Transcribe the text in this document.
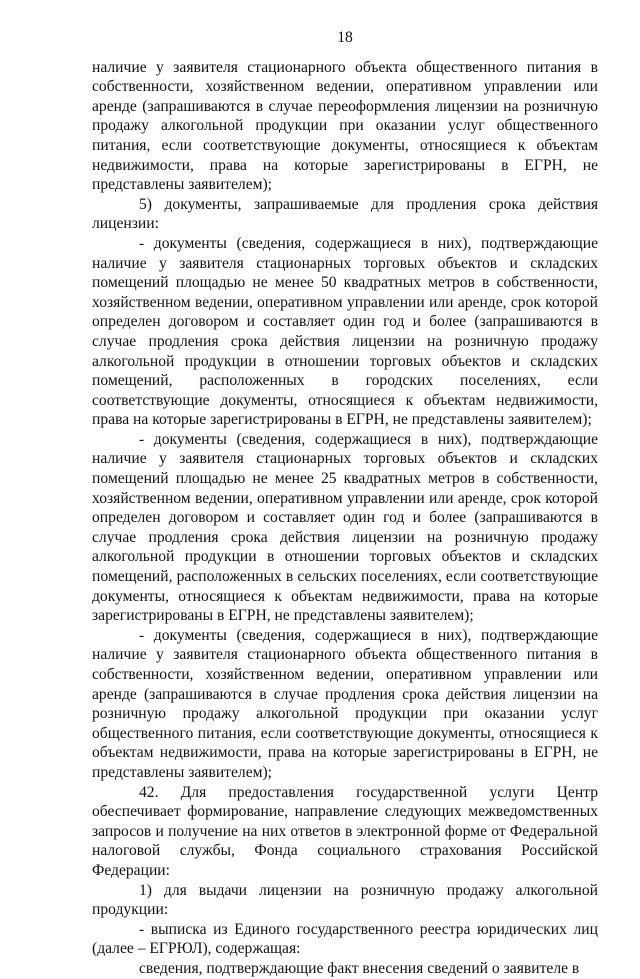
18

наличие у заявителя стационарного объекта общественного питания в собственности, хозяйственном ведении, оперативном управлении или аренде (запрашиваются в случае переоформления лицензии на розничную продажу алкогольной продукции при оказании услуг общественного питания, если соответствующие документы, относящиеся к объектам недвижимости, права на которые зарегистрированы в ЕГРН, не представлены заявителем);

5) документы, запрашиваемые для продления срока действия лицензии:

- документы (сведения, содержащиеся в них), подтверждающие наличие у заявителя стационарных торговых объектов и складских помещений площадью не менее 50 квадратных метров в собственности, хозяйственном ведении, оперативном управлении или аренде, срок которой определен договором и составляет один год и более (запрашиваются в случае продления срока действия лицензии на розничную продажу алкогольной продукции в отношении торговых объектов и складских помещений, расположенных в городских поселениях, если соответствующие документы, относящиеся к объектам недвижимости, права на которые зарегистрированы в ЕГРН, не представлены заявителем);

- документы (сведения, содержащиеся в них), подтверждающие наличие у заявителя стационарных торговых объектов и складских помещений площадью не менее 25 квадратных метров в собственности, хозяйственном ведении, оперативном управлении или аренде, срок которой определен договором и составляет один год и более (запрашиваются в случае продления срока действия лицензии на розничную продажу алкогольной продукции в отношении торговых объектов и складских помещений, расположенных в сельских поселениях, если соответствующие документы, относящиеся к объектам недвижимости, права на которые зарегистрированы в ЕГРН, не представлены заявителем);

- документы (сведения, содержащиеся в них), подтверждающие наличие у заявителя стационарного объекта общественного питания в собственности, хозяйственном ведении, оперативном управлении или аренде (запрашиваются в случае продления срока действия лицензии на розничную продажу алкогольной продукции при оказании услуг общественного питания, если соответствующие документы, относящиеся к объектам недвижимости, права на которые зарегистрированы в ЕГРН, не представлены заявителем);

42. Для предоставления государственной услуги Центр обеспечивает формирование, направление следующих межведомственных запросов и получение на них ответов в электронной форме от Федеральной налоговой службы, Фонда социального страхования Российской Федерации:

1) для выдачи лицензии на розничную продажу алкогольной продукции:

- выписка из Единого государственного реестра юридических лиц (далее – ЕГРЮЛ), содержащая:

сведения, подтверждающие факт внесения сведений о заявителе в
